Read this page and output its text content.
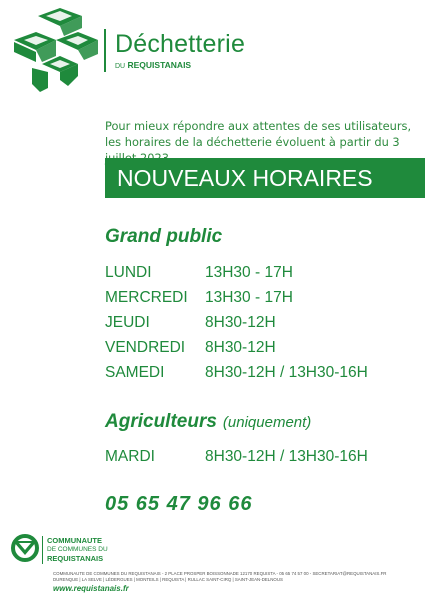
Déchetterie
DU REQUISTANAIS
Pour mieux répondre aux attentes de ses utilisateurs,
les horaires de la déchetterie évoluent à partir du 3
NOUVEAUX HORAIRES
Grand public
LUNDI	13H30 - 17H
MERCREDI 13H30 - 17H
JEUDI	8H30-12H
VENDREDI 8H30-12H
SAMEDI	8H30-12H / 13H30-16H
Agriculteurs (uniquement)
MARDI	8H30-12H / 13H30-16H
05 65 47 96 66
COMMUNAUTE
DE COMMUNES DU
REQUISTANAIS
COMMUNAUTE DE COMMUNES DU REQUISTANAIS - 2 PLACE PROSPER BOISSONNADE 12170 REQUISTA - 05 65 74 57 00 - SECRETARIAT@REQUISTANAIS.FR
DURENQUE | LA SELVE | LÉDERGUES | MONTEILS | REQUISTA | RULLAC SAINT-CIRQ | SAINT-JEAN-DELNOUS
www.requistanais.fr
